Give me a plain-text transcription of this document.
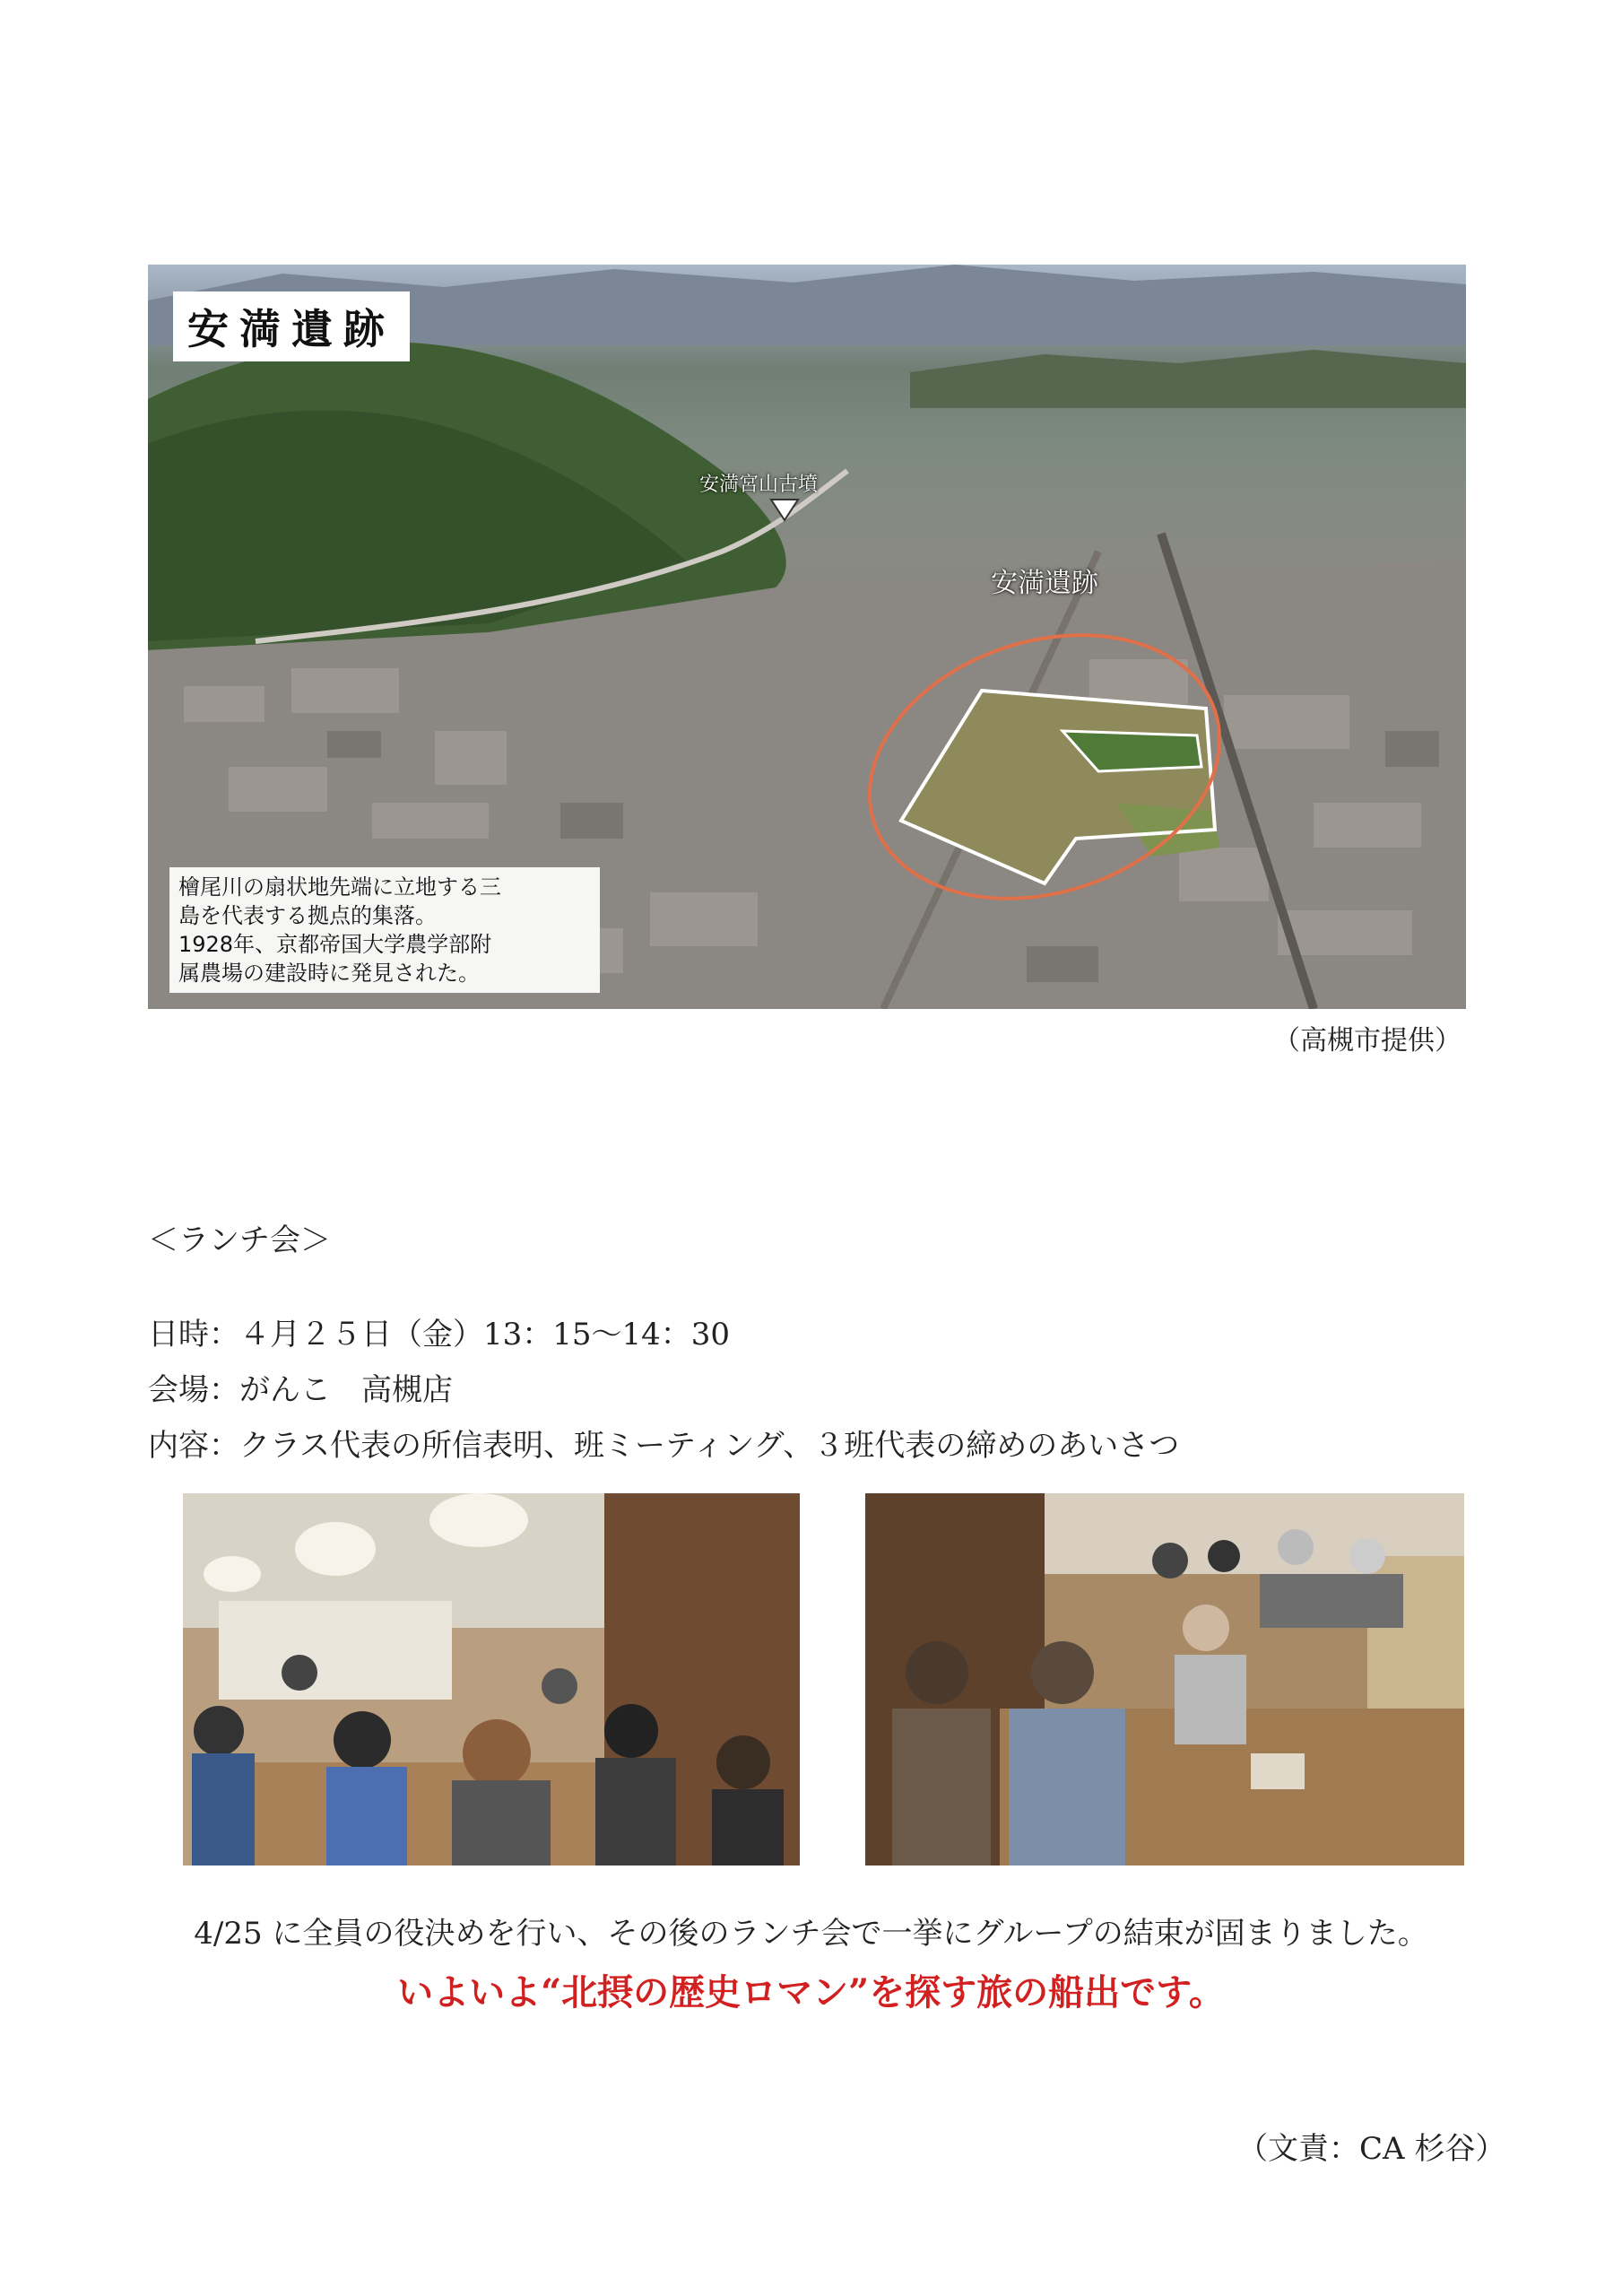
安満遺跡
安満宮山古墳
安満遺跡
檜尾川の扇状地先端に立地する三
島を代表する拠点的集落。
1928年、京都帝国大学農学部附
属農場の建設時に発見された。
（高槻市提供）
＜ランチ会＞
日時：４月２５日（金）13：15〜14：30
会場：がんこ　高槻店
内容：クラス代表の所信表明、班ミーティング、３班代表の締めのあいさつ
4/25 に全員の役決めを行い、その後のランチ会で一挙にグループの結束が固まりました。
いよいよ“北摂の歴史ロマン”を探す旅の船出です。
（文責：CA 杉谷）
